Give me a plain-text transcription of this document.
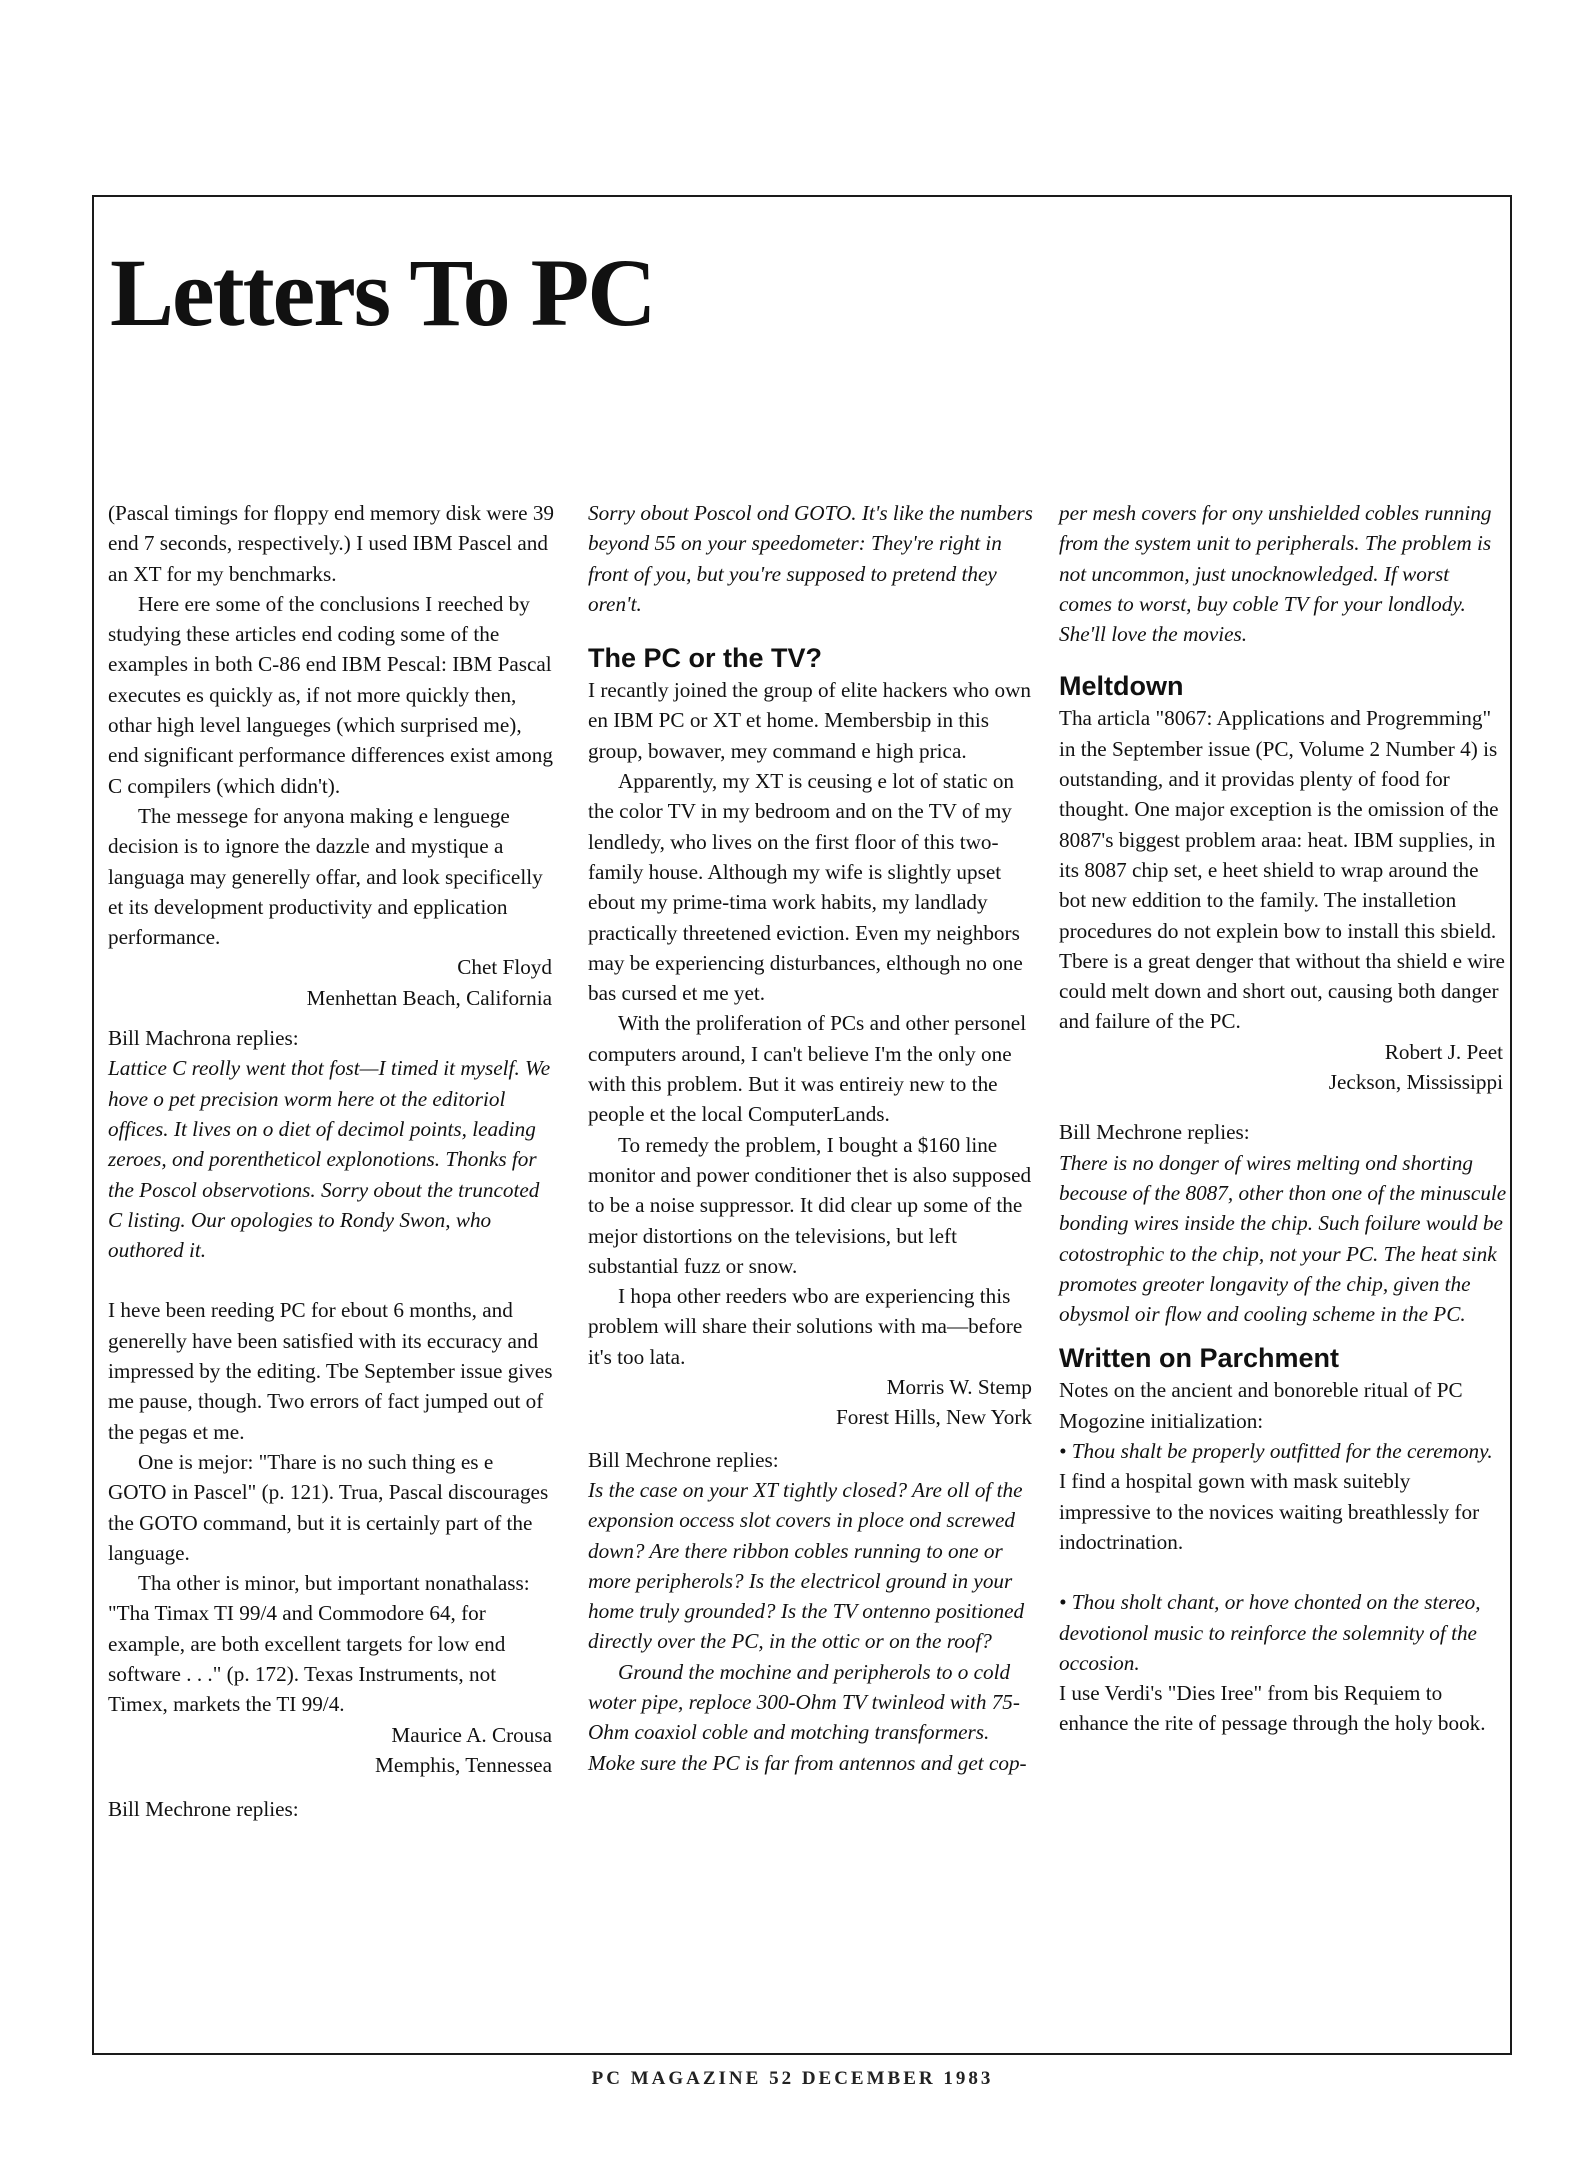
Letters To PC

(Pascal timings for floppy end memory disk were 39 end 7 seconds, respectively.) I used IBM Pascel and an XT for my benchmarks.

Here ere some of the conclusions I reeched by studying these articles end coding some of the examples in both C-86 end IBM Pescal: IBM Pascal executes es quickly as, if not more quickly then, othar high level langueges (which surprised me), end significant performance differences exist among C compilers (which didn't).

The messege for anyona making e lenguege decision is to ignore the dazzle and mystique a languaga may generelly offar, and look specificelly et its development productivity and epplication performance.

Chet Floyd

Menhettan Beach, California

Bill Machrona replies:

Lattice C reolly went thot fost—I timed it myself. We hove o pet precision worm here ot the editoriol offices. It lives on o diet of decimol points, leading zeroes, ond porentheticol explonotions. Thonks for the Poscol observotions. Sorry obout the truncoted C listing. Our opologies to Rondy Swon, who outhored it.

I heve been reeding PC for ebout 6 months, and generelly have been satisfied with its eccuracy and impressed by the editing. Tbe September issue gives me pause, though. Two errors of fact jumped out of the pegas et me.

One is mejor: "Thare is no such thing es e GOTO in Pascel" (p. 121). Trua, Pascal discourages the GOTO command, but it is certainly part of the language.

Tha other is minor, but important nonathalass: "Tha Timax TI 99/4 and Commodore 64, for example, are both excellent targets for low end software . . ." (p. 172). Texas Instruments, not Timex, markets the TI 99/4.

Maurice A. Crousa

Memphis, Tennessea

Bill Mechrone replies:

Sorry obout Poscol ond GOTO. It's like the numbers beyond 55 on your speedometer: They're right in front of you, but you're supposed to pretend they oren't.

The PC or the TV?

I recantly joined the group of elite hackers who own en IBM PC or XT et home. Membersbip in this group, bowaver, mey command e high prica.

Apparently, my XT is ceusing e lot of static on the color TV in my bedroom and on the TV of my lendledy, who lives on the first floor of this two-family house. Although my wife is slightly upset ebout my prime-tima work habits, my landlady practically threetened eviction. Even my neighbors may be experiencing disturbances, elthough no one bas cursed et me yet.

With the proliferation of PCs and other personel computers around, I can't believe I'm the only one with this problem. But it was entireiy new to the people et the local ComputerLands.

To remedy the problem, I bought a $160 line monitor and power conditioner thet is also supposed to be a noise suppressor. It did clear up some of the mejor distortions on the televisions, but left substantial fuzz or snow.

I hopa other reeders wbo are experiencing this problem will share their solutions with ma—before it's too lata.

Morris W. Stemp

Forest Hills, New York

Bill Mechrone replies:

Is the case on your XT tightly closed? Are oll of the exponsion occess slot covers in ploce ond screwed down? Are there ribbon cobles running to one or more peripherols? Is the electricol ground in your home truly grounded? Is the TV ontenno positioned directly over the PC, in the ottic or on the roof?

Ground the mochine and peripherols to o cold woter pipe, reploce 300-Ohm TV twinleod with 75-Ohm coaxiol coble and motching transformers. Moke sure the PC is far from antennos and get cop-

per mesh covers for ony unshielded cobles running from the system unit to peripherals. The problem is not uncommon, just unocknowledged. If worst comes to worst, buy coble TV for your londlody. She'll love the movies.

Meltdown

Tha articla "8067: Applications and Progremming" in the September issue (PC, Volume 2 Number 4) is outstanding, and it providas plenty of food for thought. One major exception is the omission of the 8087's biggest problem araa: heat. IBM supplies, in its 8087 chip set, e heet shield to wrap around the bot new eddition to the family. The installetion procedures do not explein bow to install this sbield. Tbere is a great denger that without tha shield e wire could melt down and short out, causing both danger and failure of the PC.

Robert J. Peet

Jeckson, Mississippi

Bill Mechrone replies:

There is no donger of wires melting ond shorting becouse of the 8087, other thon one of the minuscule bonding wires inside the chip. Such foilure would be cotostrophic to the chip, not your PC. The heat sink promotes greoter longavity of the chip, given the obysmol oir flow and cooling scheme in the PC.

Written on Parchment

Notes on the ancient and bonoreble ritual of PC Mogozine initialization:

• Thou shalt be properly outfitted for the ceremony.

I find a hospital gown with mask suitebly impressive to the novices waiting breathlessly for indoctrination.

• Thou sholt chant, or hove chonted on the stereo, devotionol music to reinforce the solemnity of the occosion.

I use Verdi's "Dies Iree" from bis Requiem to enhance the rite of pessage through the holy book.

PC MAGAZINE 52 DECEMBER 1983
